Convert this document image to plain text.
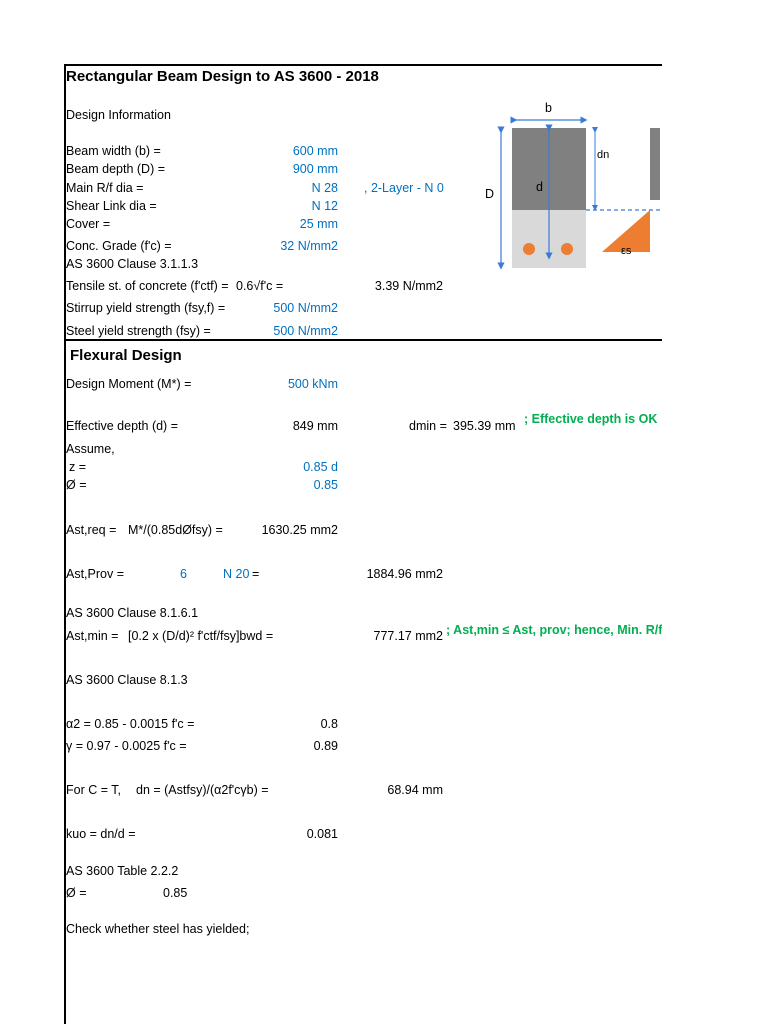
Rectangular Beam Design to AS 3600 - 2018
Design Information
Beam width (b) =	600 mm
Beam depth (D) =	900 mm
Main R/f dia =	N 28 , 2-Layer - N 0
Shear Link dia =	N 12
Cover =	25 mm
Conc. Grade (f'c) =	32 N/mm2
AS 3600 Clause 3.1.1.3
Tensile st. of concrete (f'ctf) = 0.6√f'c =	3.39 N/mm2
Stirrup yield strength (fsy,f) =	500 N/mm2
Steel yield strength (fsy) =	500 N/mm2
b
D	d
dn
εs
Flexural Design
Design Moment (M*) =	500 kNm
Effective depth (d) =	849 mm	dmin = 395.39 mm ; Effective depth is OK
Assume,
z =	0.85 d
Ø =	0.85
Ast,req = M*/(0.85dØfsy) =	1630.25 mm2
Ast,Prov =	6	N 20 =	1884.96 mm2
AS 3600 Clause 8.1.6.1
Ast,min = [0.2 x (D/d)² f'ctf/fsy]bwd =	777.17 mm2 ; Ast,min ≤ Ast, prov; hence, Min. R/f
AS 3600 Clause 8.1.3
α2 = 0.85 - 0.0015 f'c =	0.8
γ = 0.97 - 0.0025 f'c =	0.89
For C = T, dn = (Astfsy)/(α2f'cγb) =	68.94 mm
kuo = dn/d =	0.081
AS 3600 Table 2.2.2
Ø =	0.85
Check whether steel has yielded;
